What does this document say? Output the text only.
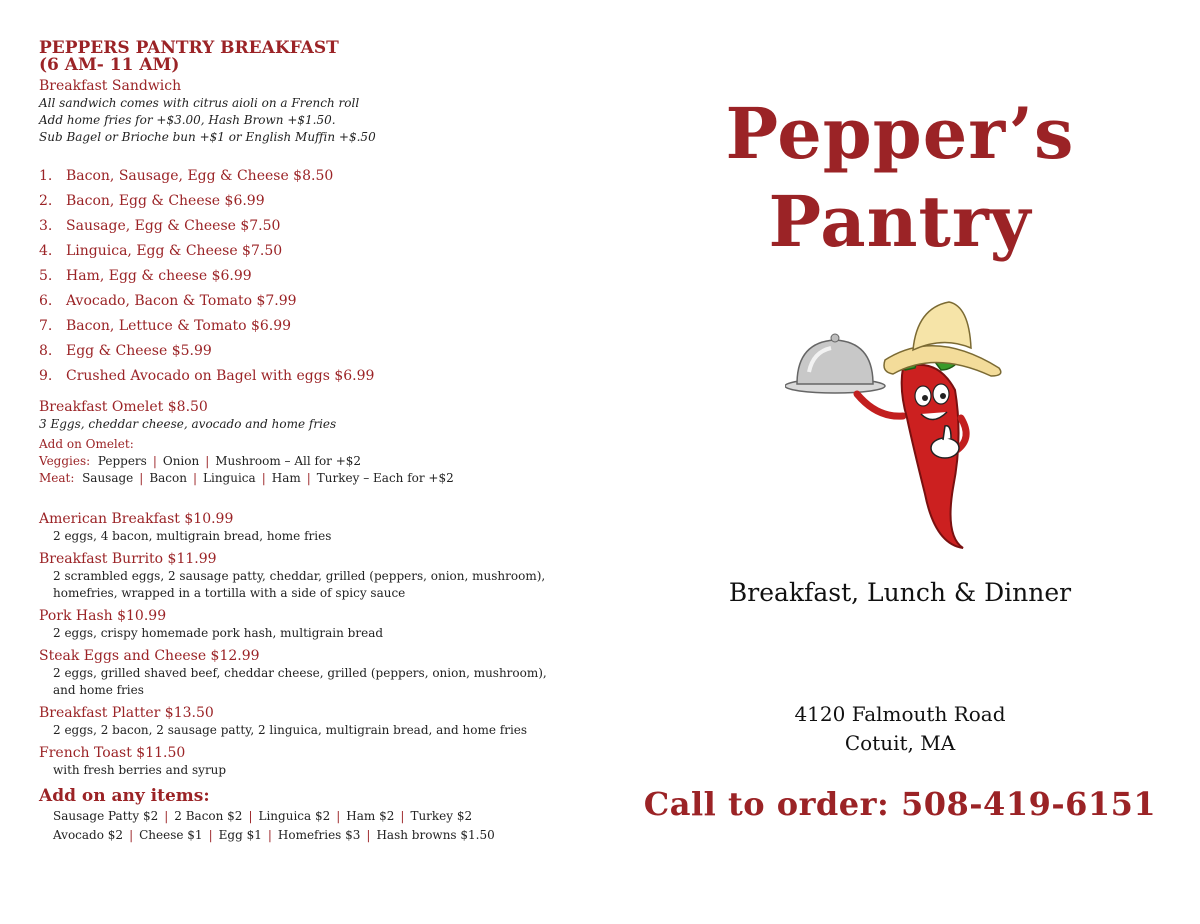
PEPPERS PANTRY BREAKFAST
(6 AM- 11 AM)
Breakfast Sandwich
All sandwich comes with citrus aioli on a French roll
Add home fries for +$3.00, Hash Brown +$1.50.
Sub Bagel or Brioche bun +$1 or English Muffin +$.50
1. Bacon, Sausage, Egg & Cheese $8.50
2. Bacon, Egg & Cheese $6.99
3. Sausage, Egg & Cheese $7.50
4. Linguica, Egg & Cheese $7.50
5. Ham, Egg & cheese $6.99
6. Avocado, Bacon & Tomato $7.99
7. Bacon, Lettuce & Tomato $6.99
8. Egg & Cheese $5.99
9. Crushed Avocado on Bagel with eggs $6.99
Breakfast Omelet $8.50
3 Eggs, cheddar cheese, avocado and home fries
Add on Omelet:
Veggies: Peppers | Onion | Mushroom – All for +$2
Meat: Sausage | Bacon | Linguica | Ham | Turkey – Each for +$2
American Breakfast $10.99
2 eggs, 4 bacon, multigrain bread, home fries
Breakfast Burrito $11.99
2 scrambled eggs, 2 sausage patty, cheddar, grilled (peppers, onion, mushroom),
homefries, wrapped in a tortilla with a side of spicy sauce
Pork Hash $10.99
2 eggs, crispy homemade pork hash, multigrain bread
Steak Eggs and Cheese $12.99
2 eggs, grilled shaved beef, cheddar cheese, grilled (peppers, onion, mushroom),
and home fries
Breakfast Platter $13.50
2 eggs, 2 bacon, 2 sausage patty, 2 linguica, multigrain bread, and home fries
French Toast $11.50
with fresh berries and syrup
Add on any items:
Sausage Patty $2 | 2 Bacon $2 | Linguica $2 | Ham $2 | Turkey $2
Avocado $2 | Cheese $1 | Egg $1 | Homefries $3 | Hash browns $1.50
Pepper’s
Pantry
Breakfast, Lunch & Dinner
4120 Falmouth Road
Cotuit, MA
Call to order: 508-419-6151
